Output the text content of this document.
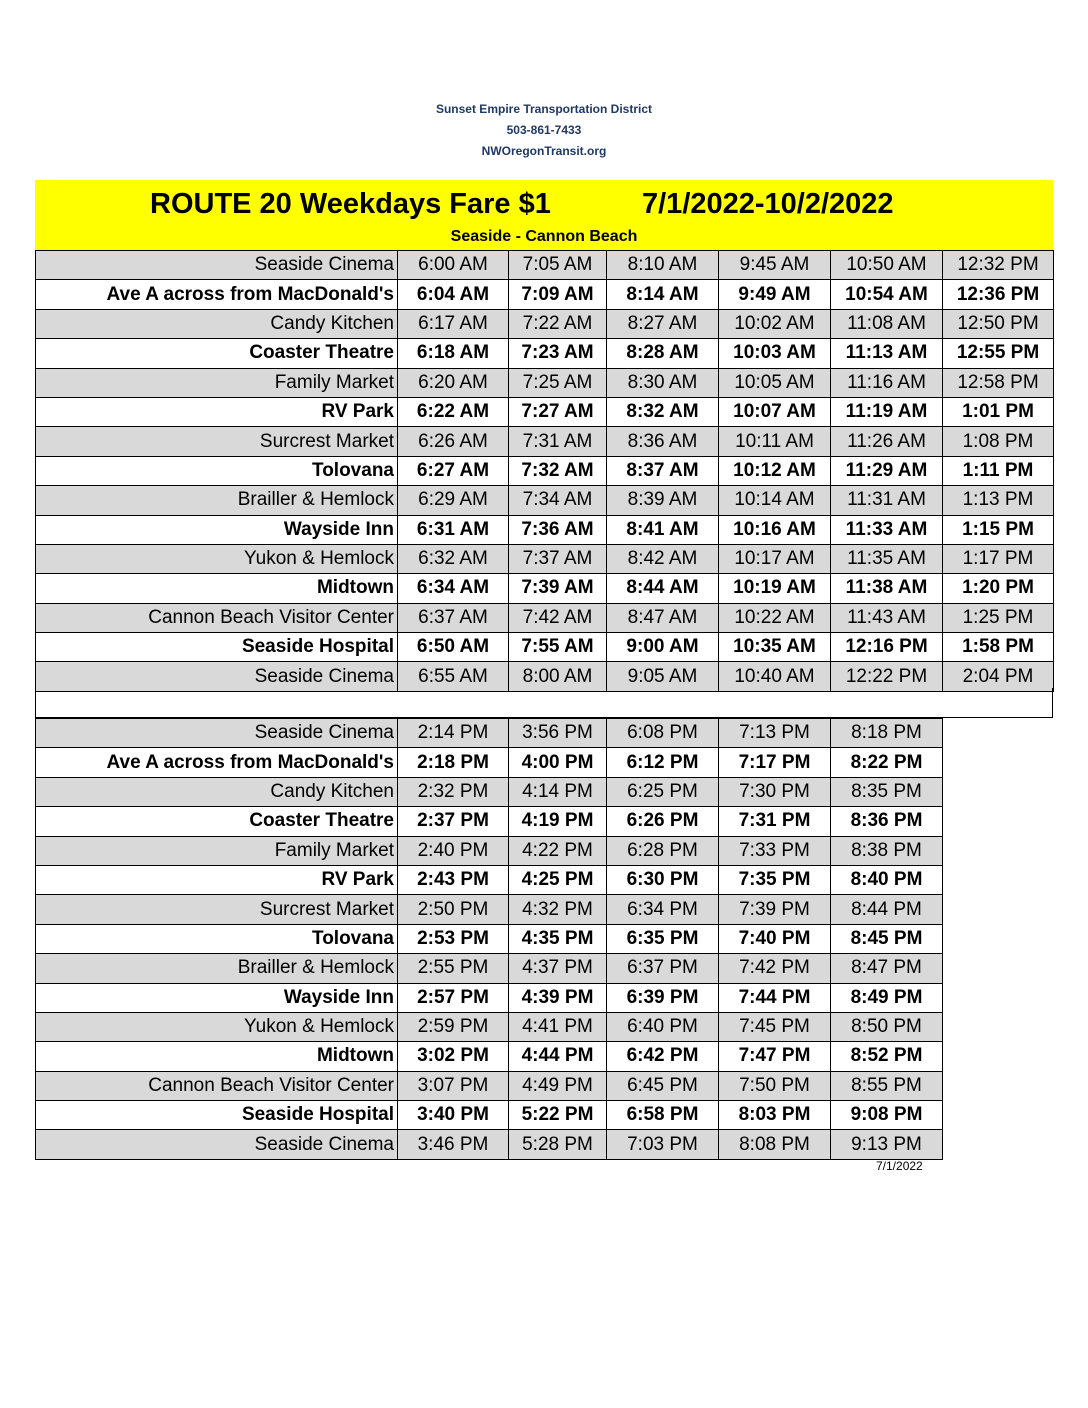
Sunset Empire Transportation District
503-861-7433
NWOregonTransit.org
ROUTE 20 Weekdays Fare $1	7/1/2022-10/2/2022
Seaside - Cannon Beach
Seaside Cinema	6:00 AM	7:05 AM	8:10 AM	9:45 AM	10:50 AM	12:32 PM
Ave A across from MacDonald's	6:04 AM	7:09 AM	8:14 AM	9:49 AM	10:54 AM	12:36 PM
Candy Kitchen	6:17 AM	7:22 AM	8:27 AM	10:02 AM	11:08 AM	12:50 PM
Coaster Theatre	6:18 AM	7:23 AM	8:28 AM	10:03 AM	11:13 AM	12:55 PM
Family Market	6:20 AM	7:25 AM	8:30 AM	10:05 AM	11:16 AM	12:58 PM
RV Park	6:22 AM	7:27 AM	8:32 AM	10:07 AM	11:19 AM	1:01 PM
Surcrest Market	6:26 AM	7:31 AM	8:36 AM	10:11 AM	11:26 AM	1:08 PM
Tolovana	6:27 AM	7:32 AM	8:37 AM	10:12 AM	11:29 AM	1:11 PM
Brailler & Hemlock	6:29 AM	7:34 AM	8:39 AM	10:14 AM	11:31 AM	1:13 PM
Wayside Inn	6:31 AM	7:36 AM	8:41 AM	10:16 AM	11:33 AM	1:15 PM
Yukon & Hemlock	6:32 AM	7:37 AM	8:42 AM	10:17 AM	11:35 AM	1:17 PM
Midtown	6:34 AM	7:39 AM	8:44 AM	10:19 AM	11:38 AM	1:20 PM
Cannon Beach Visitor Center	6:37 AM	7:42 AM	8:47 AM	10:22 AM	11:43 AM	1:25 PM
Seaside Hospital	6:50 AM	7:55 AM	9:00 AM	10:35 AM	12:16 PM	1:58 PM
Seaside Cinema	6:55 AM	8:00 AM	9:05 AM	10:40 AM	12:22 PM	2:04 PM
Seaside Cinema	2:14 PM	3:56 PM	6:08 PM	7:13 PM	8:18 PM
Ave A across from MacDonald's	2:18 PM	4:00 PM	6:12 PM	7:17 PM	8:22 PM
Candy Kitchen	2:32 PM	4:14 PM	6:25 PM	7:30 PM	8:35 PM
Coaster Theatre	2:37 PM	4:19 PM	6:26 PM	7:31 PM	8:36 PM
Family Market	2:40 PM	4:22 PM	6:28 PM	7:33 PM	8:38 PM
RV Park	2:43 PM	4:25 PM	6:30 PM	7:35 PM	8:40 PM
Surcrest Market	2:50 PM	4:32 PM	6:34 PM	7:39 PM	8:44 PM
Tolovana	2:53 PM	4:35 PM	6:35 PM	7:40 PM	8:45 PM
Brailler & Hemlock	2:55 PM	4:37 PM	6:37 PM	7:42 PM	8:47 PM
Wayside Inn	2:57 PM	4:39 PM	6:39 PM	7:44 PM	8:49 PM
Yukon & Hemlock	2:59 PM	4:41 PM	6:40 PM	7:45 PM	8:50 PM
Midtown	3:02 PM	4:44 PM	6:42 PM	7:47 PM	8:52 PM
Cannon Beach Visitor Center	3:07 PM	4:49 PM	6:45 PM	7:50 PM	8:55 PM
Seaside Hospital	3:40 PM	5:22 PM	6:58 PM	8:03 PM	9:08 PM
Seaside Cinema	3:46 PM	5:28 PM	7:03 PM	8:08 PM	9:13 PM
7/1/2022
